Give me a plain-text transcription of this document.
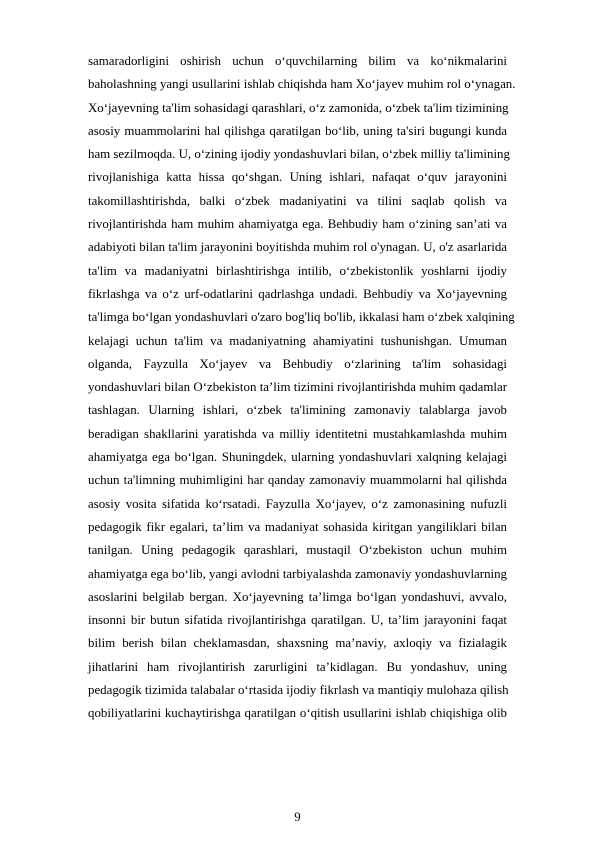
samaradorligini oshirish uchun o‘quvchilarning bilim va ko‘nikmalarini
baholashning yangi usullarini ishlab chiqishda ham Xo‘jayev muhim rol o‘ynagan.
Xo‘jayevning ta'lim sohasidagi qarashlari, o‘z zamonida, o‘zbek ta'lim tizimining
asosiy muammolarini hal qilishga qaratilgan bo‘lib, uning ta'siri bugungi kunda
ham sezilmoqda. U, o‘zining ijodiy yondashuvlari bilan, o‘zbek milliy ta'limining
rivojlanishiga katta hissa qo‘shgan. Uning ishlari, nafaqat o‘quv jarayonini
takomillashtirishda, balki o‘zbek madaniyatini va tilini saqlab qolish va
rivojlantirishda ham muhim ahamiyatga ega. Behbudiy ham o‘zining san’ati va
adabiyoti bilan ta'lim jarayonini boyitishda muhim rol o'ynagan. U, o'z asarlarida
ta'lim va madaniyatni birlashtirishga intilib, o‘zbekistonlik yoshlarni ijodiy
fikrlashga va o‘z urf-odatlarini qadrlashga undadi. Behbudiy va Xo‘jayevning
ta'limga bo‘lgan yondashuvlari o'zaro bog'liq bo'lib, ikkalasi ham o‘zbek xalqining
kelajagi uchun ta'lim va madaniyatning ahamiyatini tushunishgan. Umuman
olganda, Fayzulla Xo‘jayev va Behbudiy o‘zlarining ta'lim sohasidagi
yondashuvlari bilan O‘zbekiston ta’lim tizimini rivojlantirishda muhim qadamlar
tashlagan. Ularning ishlari, o‘zbek ta'limining zamonaviy talablarga javob
beradigan shakllarini yaratishda va milliy identitetni mustahkamlashda muhim
ahamiyatga ega bo‘lgan. Shuningdek, ularning yondashuvlari xalqning kelajagi
uchun ta'limning muhimligini har qanday zamonaviy muammolarni hal qilishda
asosiy vosita sifatida ko‘rsatadi. Fayzulla Xo‘jayev, o‘z zamonasining nufuzli
pedagogik fikr egalari, ta’lim va madaniyat sohasida kiritgan yangiliklari bilan
tanilgan. Uning pedagogik qarashlari, mustaqil O‘zbekiston uchun muhim
ahamiyatga ega bo‘lib, yangi avlodni tarbiyalashda zamonaviy yondashuvlarning
asoslarini belgilab bergan. Xo‘jayevning ta’limga bo‘lgan yondashuvi, avvalo,
insonni bir butun sifatida rivojlantirishga qaratilgan. U, ta’lim jarayonini faqat
bilim berish bilan cheklamasdan, shaxsning ma’naviy, axloqiy va fizialagik
jihatlarini ham rivojlantirish zarurligini ta’kidlagan. Bu yondashuv, uning
pedagogik tizimida talabalar o‘rtasida ijodiy fikrlash va mantiqiy mulohaza qilish
qobiliyatlarini kuchaytirishga qaratilgan o‘qitish usullarini ishlab chiqishiga olib
9
